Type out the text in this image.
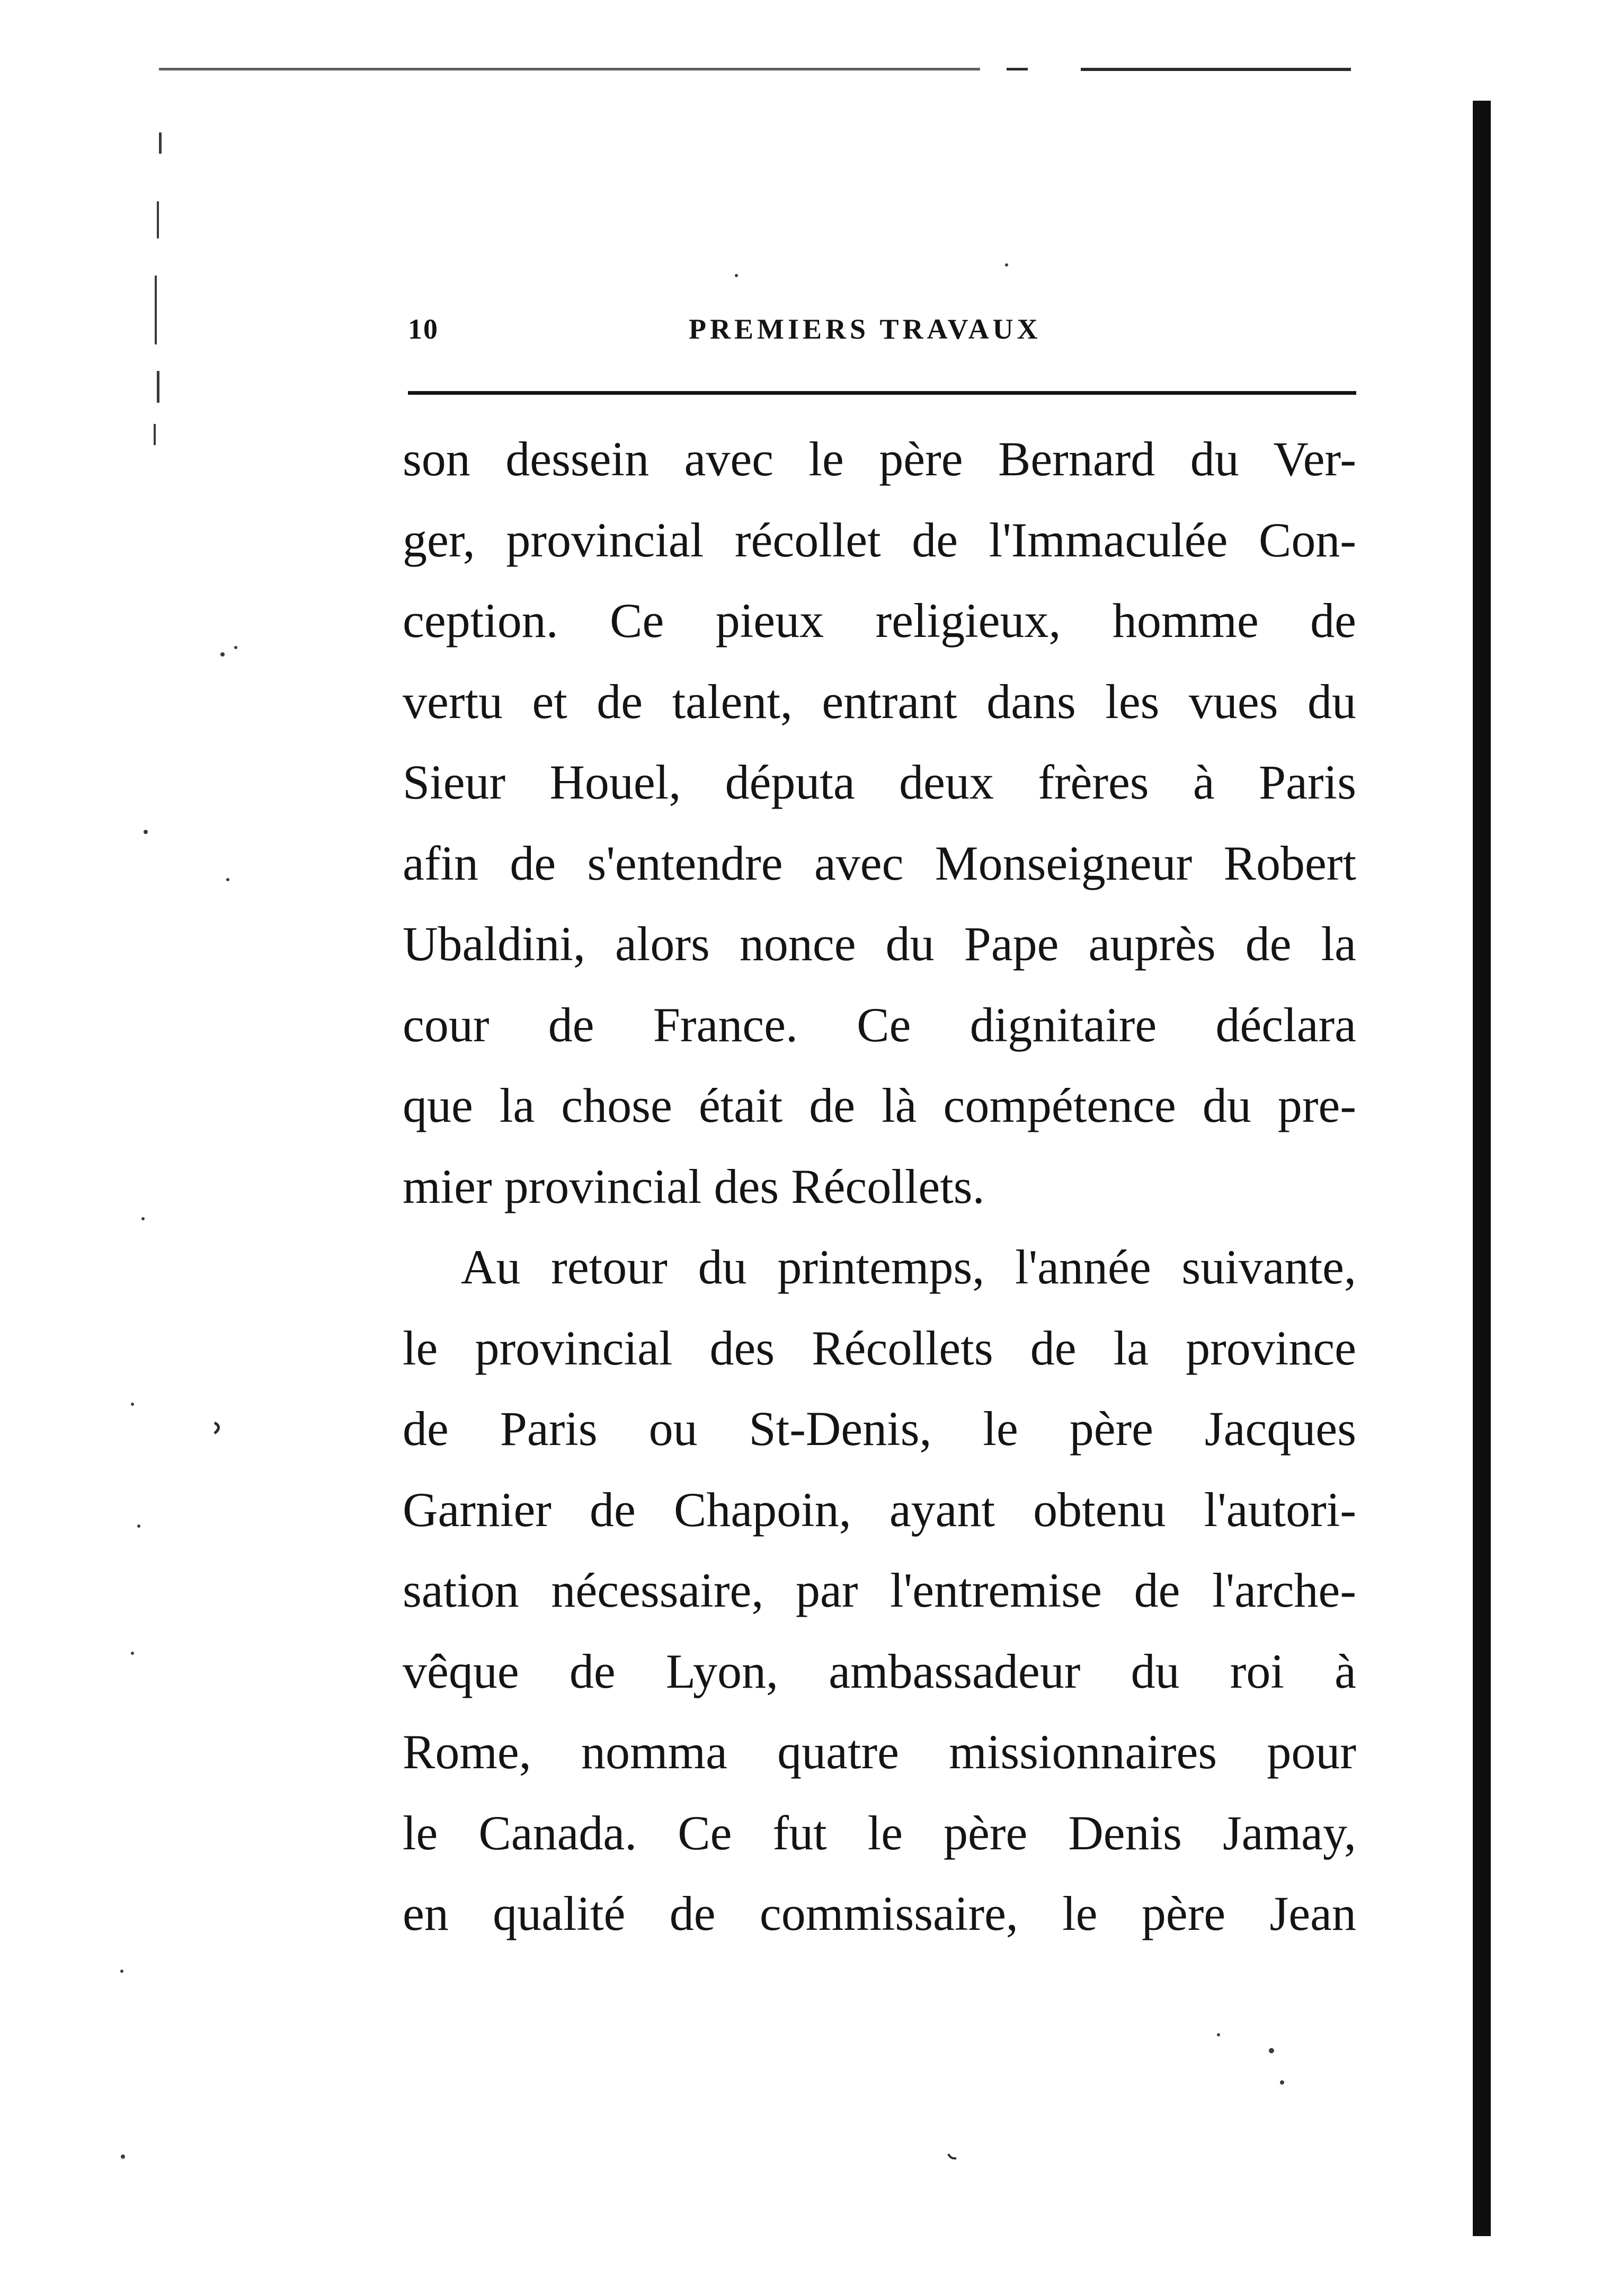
10	PREMIERS TRAVAUX
son dessein avec le père Bernard du Ver-
ger, provincial récollet de l'Immaculée Con-
ception. Ce pieux religieux, homme de
vertu et de talent, entrant dans les vues du
Sieur Houel, députa deux frères à Paris
afin de s'entendre avec Monseigneur Robert
Ubaldini, alors nonce du Pape auprès de la
cour de France. Ce dignitaire déclara
que la chose était de là compétence du pre-
mier provincial des Récollets.
Au retour du printemps, l'année suivante,
le provincial des Récollets de la province
de Paris ou St-Denis, le père Jacques
Garnier de Chapoin, ayant obtenu l'autori-
sation nécessaire, par l'entremise de l'arche-
vêque de Lyon, ambassadeur du roi à
Rome, nomma quatre missionnaires pour
le Canada. Ce fut le père Denis Jamay,
en qualité de commissaire, le père Jean
